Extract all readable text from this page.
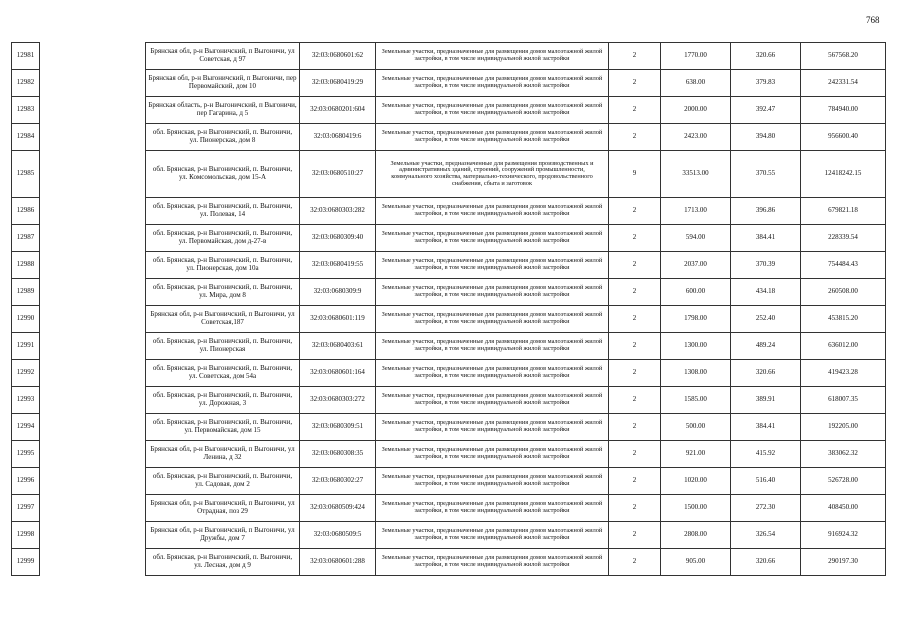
768
12981		Брянская обл, р-н Выгоничский, п Выгоничи, ул Советская, д 97	32:03:0680601:62	Земельные участки, предназначенные для размещения домов малоэтажной жилой застройки, в том числе индивидуальной жилой застройки	2	1770.00	320.66	567568.20
12982		Брянская обл, р-н Выгоничский, п Выгоничи, пер Первомайский, дом 10	32:03:0680419:29	Земельные участки, предназначенные для размещения домов малоэтажной жилой застройки, в том числе индивидуальной жилой застройки	2	638.00	379.83	242331.54
12983		Брянская область, р-н Выгоничский, п Выгоничи, пер Гагарина, д 5	32:03:0680201:604	Земельные участки, предназначенные для размещения домов малоэтажной жилой застройки, в том числе индивидуальной жилой застройки	2	2000.00	392.47	784940.00
12984		обл. Брянская, р-н Выгоничский, п. Выгоничи, ул. Пионерская, дом 8	32:03:0680419:6	Земельные участки, предназначенные для размещения домов малоэтажной жилой застройки, в том числе индивидуальной жилой застройки	2	2423.00	394.80	956600.40
12985		обл. Брянская, р-н Выгоничский, п. Выгоничи, ул. Комсомольская, дом 15-А	32:03:0680510:27	Земельные участки, предназначенные для размещения производственных и административных зданий, строений, сооружений промышленности, коммунального хозяйства, материально-технического, продовольственного снабжения, сбыта и заготовок	9	33513.00	370.55	12418242.15
12986		обл. Брянская, р-н Выгоничский, п. Выгоничи, ул. Полевая, 14	32:03:0680303:282	Земельные участки, предназначенные для размещения домов малоэтажной жилой застройки, в том числе индивидуальной жилой застройки	2	1713.00	396.86	679821.18
12987		обл. Брянская, р-н Выгоничский, п. Выгоничи, ул. Первомайская, дом д-27-в	32:03:0680309:40	Земельные участки, предназначенные для размещения домов малоэтажной жилой застройки, в том числе индивидуальной жилой застройки	2	594.00	384.41	228339.54
12988		обл. Брянская, р-н Выгоничский, п. Выгоничи, ул. Пионерская, дом 10а	32:03:0680419:55	Земельные участки, предназначенные для размещения домов малоэтажной жилой застройки, в том числе индивидуальной жилой застройки	2	2037.00	370.39	754484.43
12989		обл. Брянская, р-н Выгоничский, п. Выгоничи, ул. Мира, дом 8	32:03:0680309:9	Земельные участки, предназначенные для размещения домов малоэтажной жилой застройки, в том числе индивидуальной жилой застройки	2	600.00	434.18	260508.00
12990		Брянская обл, р-н Выгоничский, п Выгоничи, ул Советская,187	32:03:0680601:119	Земельные участки, предназначенные для размещения домов малоэтажной жилой застройки, в том числе индивидуальной жилой застройки	2	1798.00	252.40	453815.20
12991		обл. Брянская, р-н Выгоничский, п. Выгоничи, ул. Пионерская	32:03:0680403:61	Земельные участки, предназначенные для размещения домов малоэтажной жилой застройки, в том числе индивидуальной жилой застройки	2	1300.00	489.24	636012.00
12992		обл. Брянская, р-н Выгоничский, п. Выгоничи, ул. Советская, дом 54а	32:03:0680601:164	Земельные участки, предназначенные для размещения домов малоэтажной жилой застройки, в том числе индивидуальной жилой застройки	2	1308.00	320.66	419423.28
12993		обл. Брянская, р-н Выгоничский, п. Выгоничи, ул. Дорожная, 3	32:03:0680303:272	Земельные участки, предназначенные для размещения домов малоэтажной жилой застройки, в том числе индивидуальной жилой застройки	2	1585.00	389.91	618007.35
12994		обл. Брянская, р-н Выгоничский, п. Выгоничи, ул. Первомайская, дом 15	32:03:0680309:51	Земельные участки, предназначенные для размещения домов малоэтажной жилой застройки, в том числе индивидуальной жилой застройки	2	500.00	384.41	192205.00
12995		Брянская обл, р-н Выгоничский, п Выгоничи, ул Ленина, д 32	32:03:0680308:35	Земельные участки, предназначенные для размещения домов малоэтажной жилой застройки, в том числе индивидуальной жилой застройки	2	921.00	415.92	383062.32
12996		обл. Брянская, р-н Выгоничский, п. Выгоничи, ул. Садовая, дом 2	32:03:0680302:27	Земельные участки, предназначенные для размещения домов малоэтажной жилой застройки, в том числе индивидуальной жилой застройки	2	1020.00	516.40	526728.00
12997		Брянская обл, р-н Выгоничский, п Выгоничи, ул Отрадная, поз 29	32:03:0680509:424	Земельные участки, предназначенные для размещения домов малоэтажной жилой застройки, в том числе индивидуальной жилой застройки	2	1500.00	272.30	408450.00
12998		Брянская обл, р-н Выгоничский, п Выгоничи, ул Дружбы, дом 7	32:03:0680509:5	Земельные участки, предназначенные для размещения домов малоэтажной жилой застройки, в том числе индивидуальной жилой застройки	2	2808.00	326.54	916924.32
12999		обл. Брянская, р-н Выгоничский, п. Выгоничи, ул. Лесная, дом д 9	32:03:0680601:288	Земельные участки, предназначенные для размещения домов малоэтажной жилой застройки, в том числе индивидуальной жилой застройки	2	905.00	320.66	290197.30
